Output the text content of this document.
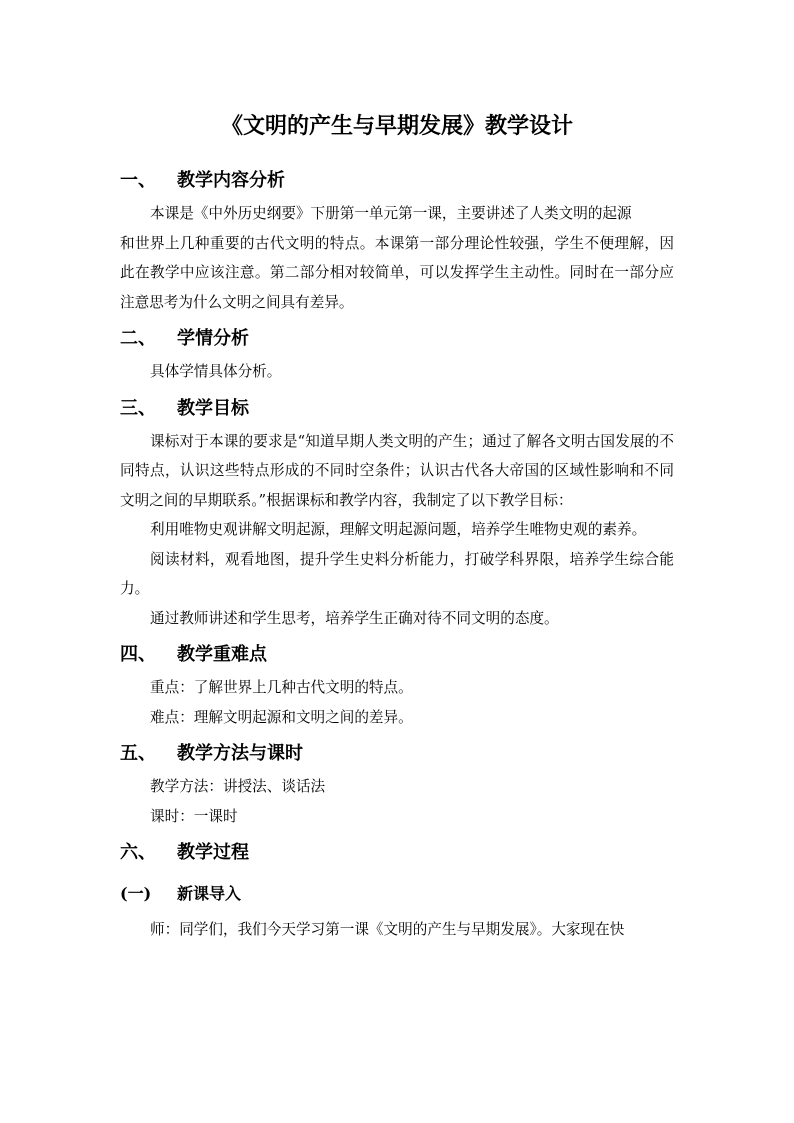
《文明的产生与早期发展》教学设计
一、	教学内容分析

本课是《中外历史纲要》下册第一单元第一课，主要讲述了人类文明的起源
和世界上几种重要的古代文明的特点。本课第一部分理论性较强，学生不便理解，因此在教学中应该注意。第二部分相对较简单，可以发挥学生主动性。同时在一部分应注意思考为什么文明之间具有差异。

二、	学情分析

具体学情具体分析。

三、	教学目标

课标对于本课的要求是“知道早期人类文明的产生；通过了解各文明古国发展的不同特点，认识这些特点形成的不同时空条件；认识古代各大帝国的区域性影响和不同文明之间的早期联系。”根据课标和教学内容，我制定了以下教学目标：

利用唯物史观讲解文明起源，理解文明起源问题，培养学生唯物史观的素养。

阅读材料，观看地图，提升学生史料分析能力，打破学科界限，培养学生综合能力。

通过教师讲述和学生思考，培养学生正确对待不同文明的态度。

四、	教学重难点

重点：了解世界上几种古代文明的特点。

难点：理解文明起源和文明之间的差异。

五、	教学方法与课时

教学方法：讲授法、谈话法

课时：一课时

六、	教学过程
(一)	新课导入

师：同学们，我们今天学习第一课《文明的产生与早期发展》。大家现在快
